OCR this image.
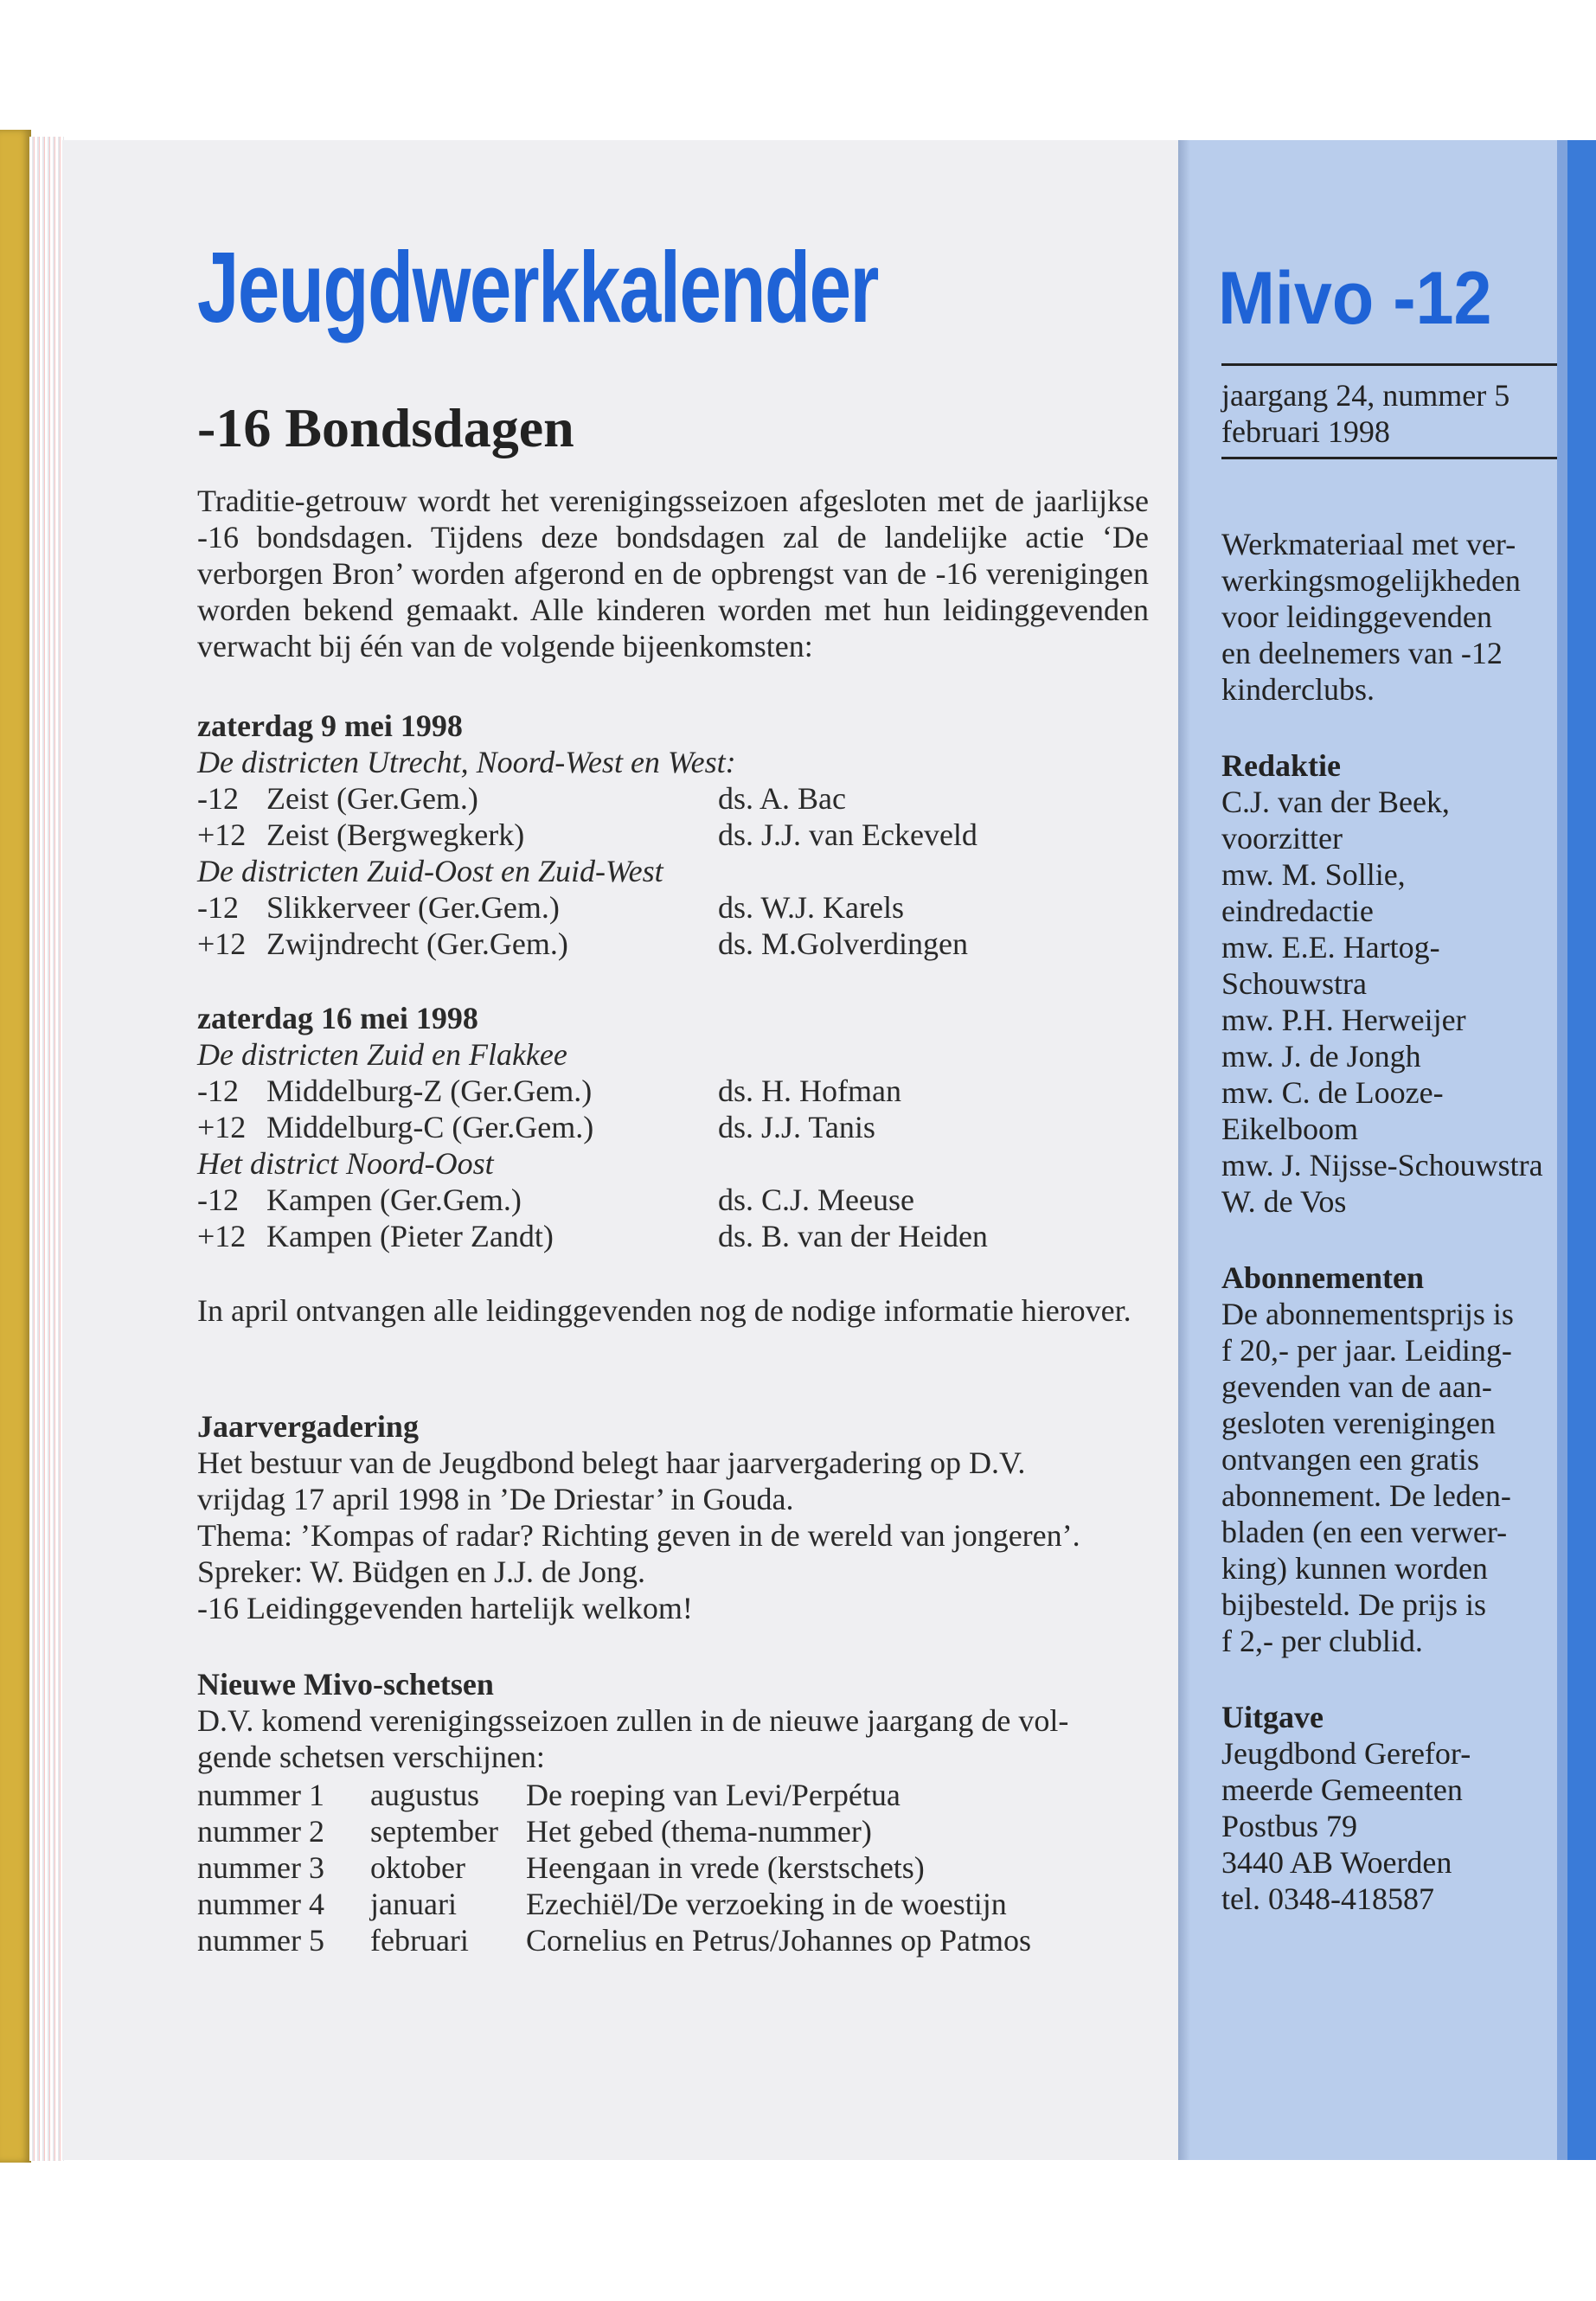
Jeugdwerkkalender	Mivo -12
-16 Bondsdagen

Traditie-getrouw wordt het verenigingsseizoen afgesloten met de jaarlijkse -16 bondsdagen. Tijdens deze bondsdagen zal de landelijke actie ‘De verborgen Bron’ worden afgerond en de opbrengst van de -16 verenigingen worden bekend gemaakt. Alle kinderen worden met hun leidinggevenden verwacht bij één van de volgende bijeenkomsten:

zaterdag 9 mei 1998
De districten Utrecht, Noord-West en West:
-12 Zeist (Ger.Gem.)	ds. A. Bac
+12 Zeist (Bergwegkerk)	ds. J.J. van Eckeveld
De districten Zuid-Oost en Zuid-West
-12 Slikkerveer (Ger.Gem.)	ds. W.J. Karels
+12 Zwijndrecht (Ger.Gem.)	ds. M.Golverdingen
zaterdag 16 mei 1998
De districten Zuid en Flakkee
-12 Middelburg-Z (Ger.Gem.)	ds. H. Hofman
+12 Middelburg-C (Ger.Gem.)	ds. J.J. Tanis
Het district Noord-Oost
-12 Kampen (Ger.Gem.)	ds. C.J. Meeuse
+12 Kampen (Pieter Zandt)	ds. B. van der Heiden
In april ontvangen alle leidinggevenden nog de nodige informatie hierover.
Jaarvergadering
Het bestuur van de Jeugdbond belegt haar jaarvergadering op D.V.
vrijdag 17 april 1998 in ’De Driestar’ in Gouda.
Thema: ’Kompas of radar? Richting geven in de wereld van jongeren’.
Spreker: W. Büdgen en J.J. de Jong.
-16 Leidinggevenden hartelijk welkom!
Nieuwe Mivo-schetsen
D.V. komend verenigingsseizoen zullen in de nieuwe jaargang de vol-
gende schetsen verschijnen:
nummer 1	augustus	De roeping van Levi/Perpétua
nummer 2	september	Het gebed (thema-nummer)
nummer 3	oktober	Heengaan in vrede (kerstschets)
nummer 4	januari	Ezechiël/De verzoeking in de woestijn
nummer 5	februari	Cornelius en Petrus/Johannes op Patmos
jaargang 24, nummer 5
februari 1998
Werkmateriaal met ver-
werkingsmogelijkheden
voor leidinggevenden
en deelnemers van -12
kinderclubs.
Redaktie
C.J. van der Beek,
voorzitter
mw. M. Sollie,
eindredactie
mw. E.E. Hartog-
Schouwstra
mw. P.H. Herweijer
mw. J. de Jongh
mw. C. de Looze-
Eikelboom
mw. J. Nijsse-Schouwstra
W. de Vos
Abonnementen
De abonnementsprijs is
f 20,- per jaar. Leiding-
gevenden van de aan-
gesloten verenigingen
ontvangen een gratis
abonnement. De leden-
bladen (en een verwer-
king) kunnen worden
bijbesteld. De prijs is
f 2,- per clublid.
Uitgave
Jeugdbond Gerefor-
meerde Gemeenten
Postbus 79
3440 AB Woerden
tel. 0348-418587
